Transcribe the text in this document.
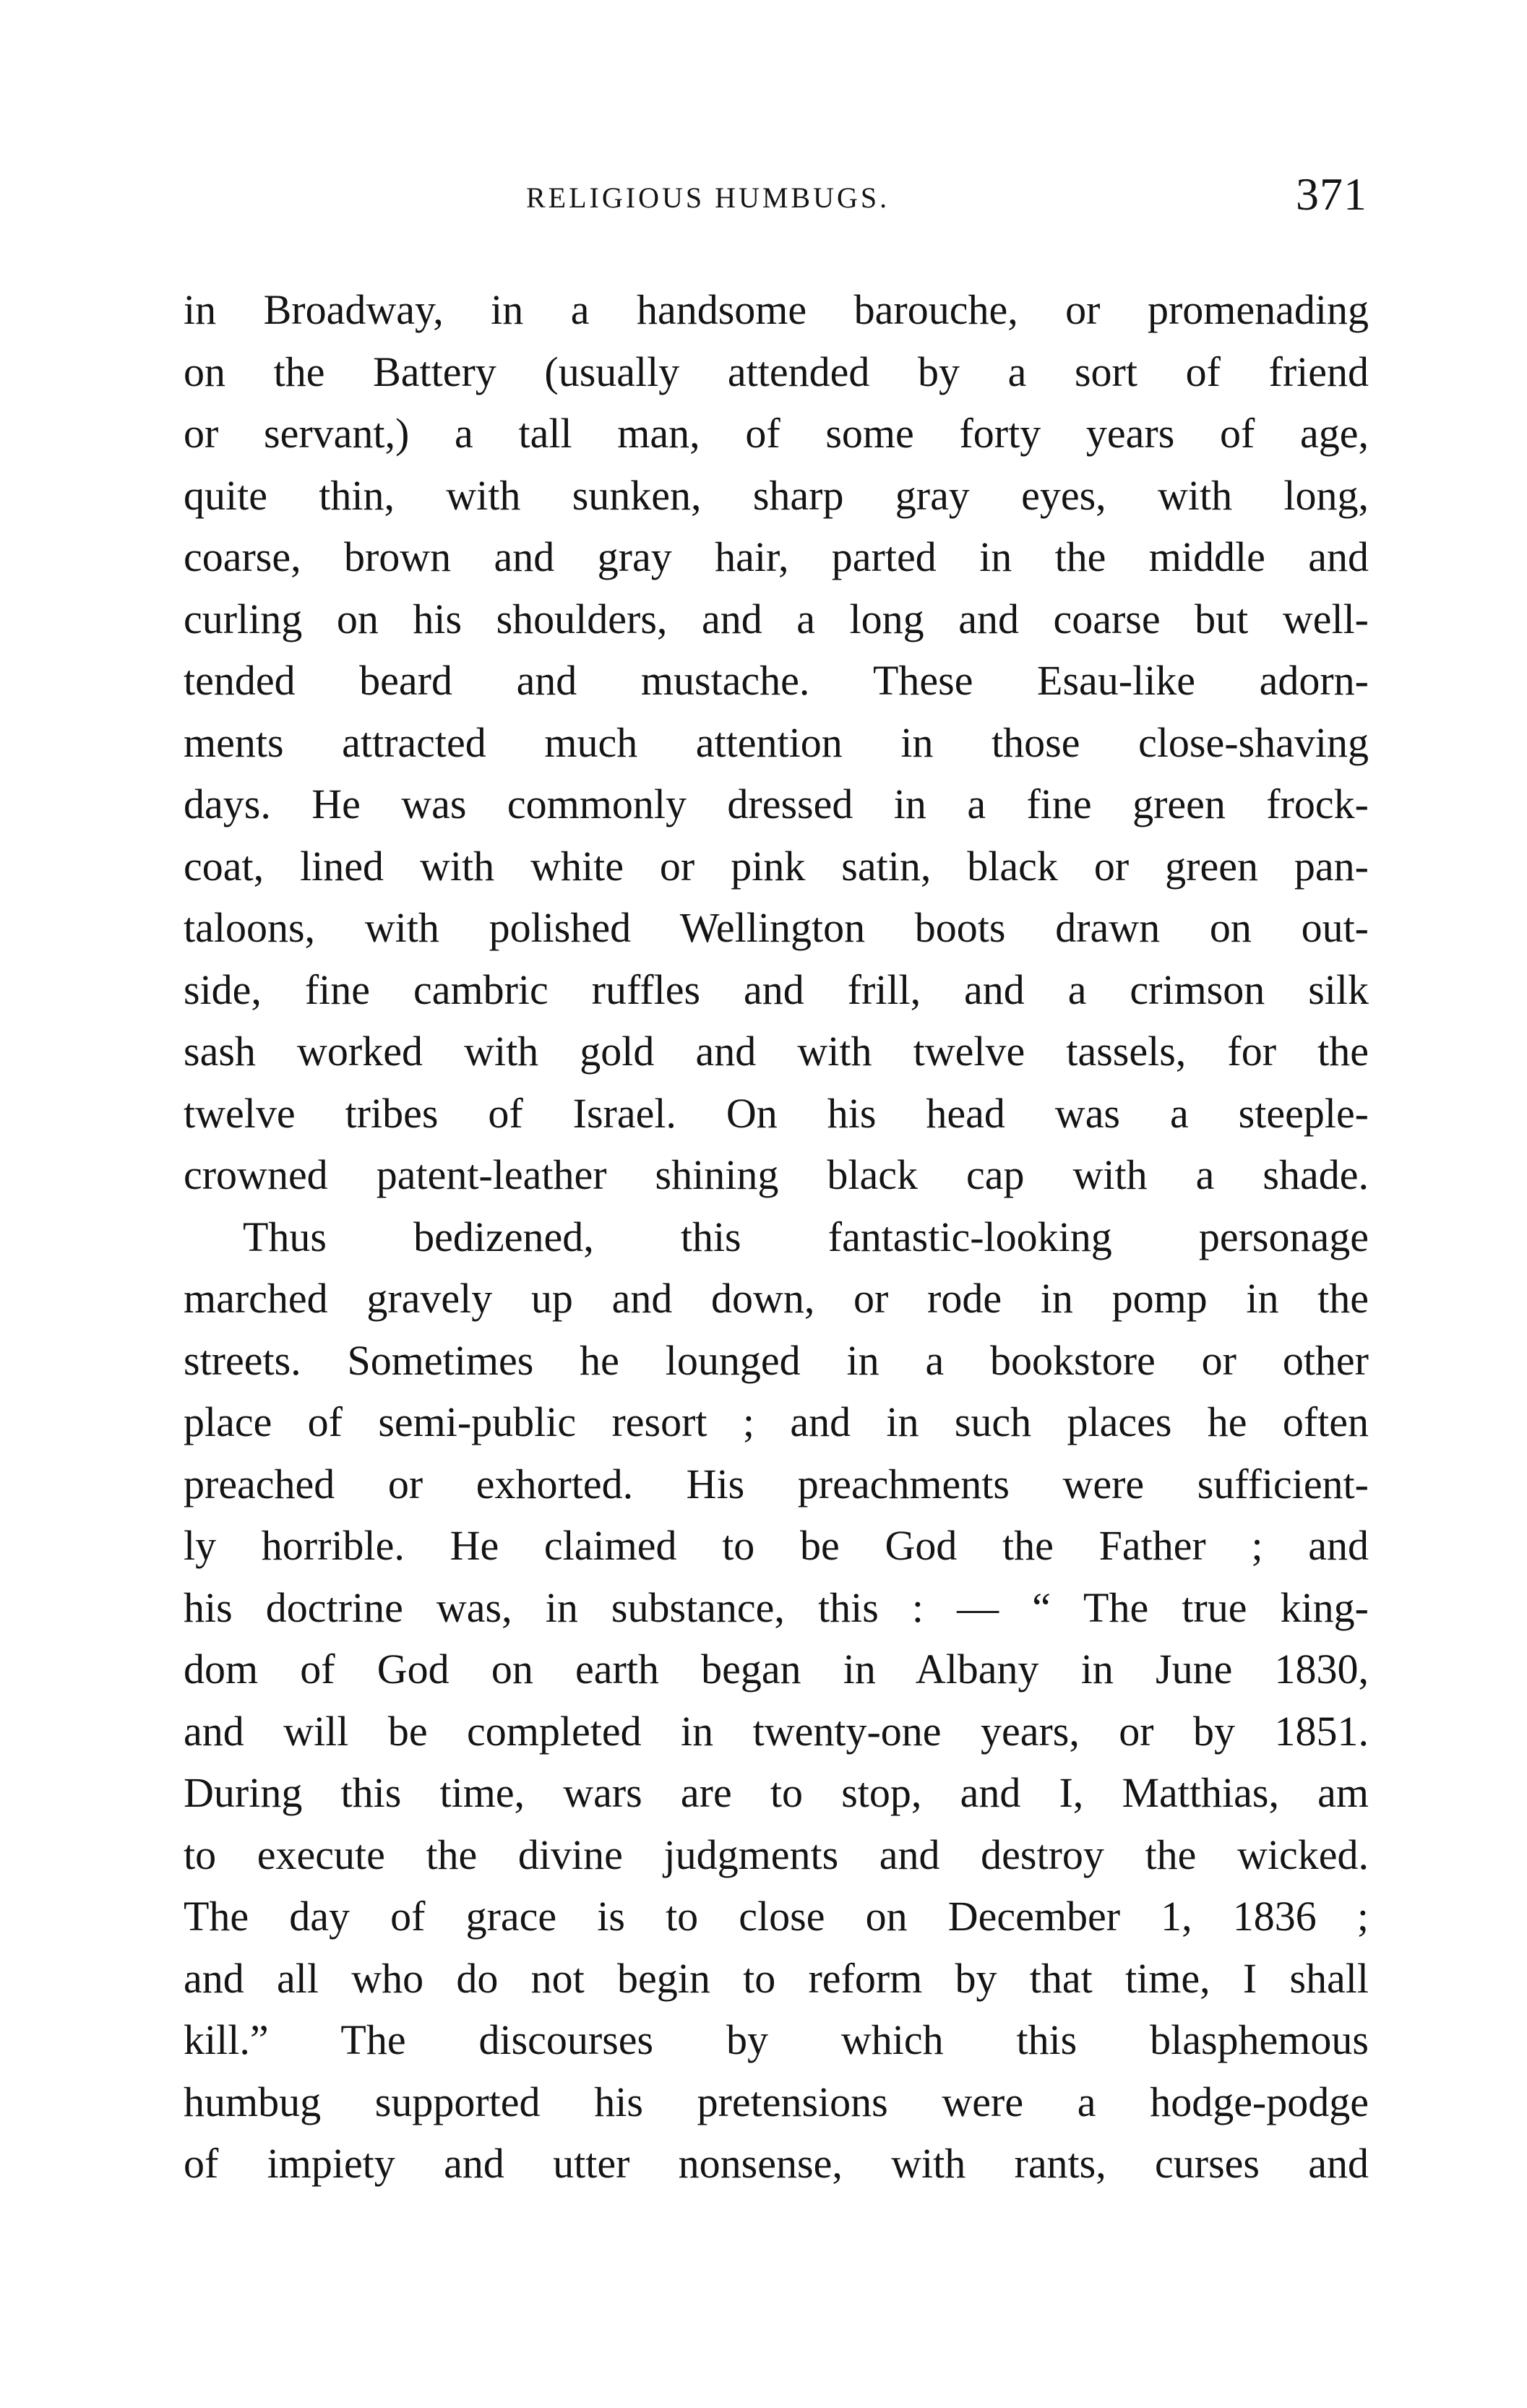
RELIGIOUS HUMBUGS.	371
in Broadway, in a handsome barouche, or promenading
on the Battery (usually attended by a sort of friend
or servant,) a tall man, of some forty years of age,
quite thin, with sunken, sharp gray eyes, with long,
coarse, brown and gray hair, parted in the middle and
curling on his shoulders, and a long and coarse but well-
tended beard and mustache. These Esau-like adorn-
ments attracted much attention in those close-shaving
days. He was commonly dressed in a fine green frock-
coat, lined with white or pink satin, black or green pan-
taloons, with polished Wellington boots drawn on out-
side, fine cambric ruffles and frill, and a crimson silk
sash worked with gold and with twelve tassels, for the
twelve tribes of Israel. On his head was a steeple-
crowned patent-leather shining black cap with a shade.
Thus bedizened, this fantastic-looking personage
marched gravely up and down, or rode in pomp in the
streets. Sometimes he lounged in a bookstore or other
place of semi-public resort ; and in such places he often
preached or exhorted. His preachments were sufficient-
ly horrible. He claimed to be God the Father ; and
his doctrine was, in substance, this : — “ The true king-
dom of God on earth began in Albany in June 1830,
and will be completed in twenty-one years, or by 1851.
During this time, wars are to stop, and I, Matthias, am
to execute the divine judgments and destroy the wicked.
The day of grace is to close on December 1, 1836 ;
and all who do not begin to reform by that time, I shall
kill.” The discourses by which this blasphemous
humbug supported his pretensions were a hodge-podge
of impiety and utter nonsense, with rants, curses and
